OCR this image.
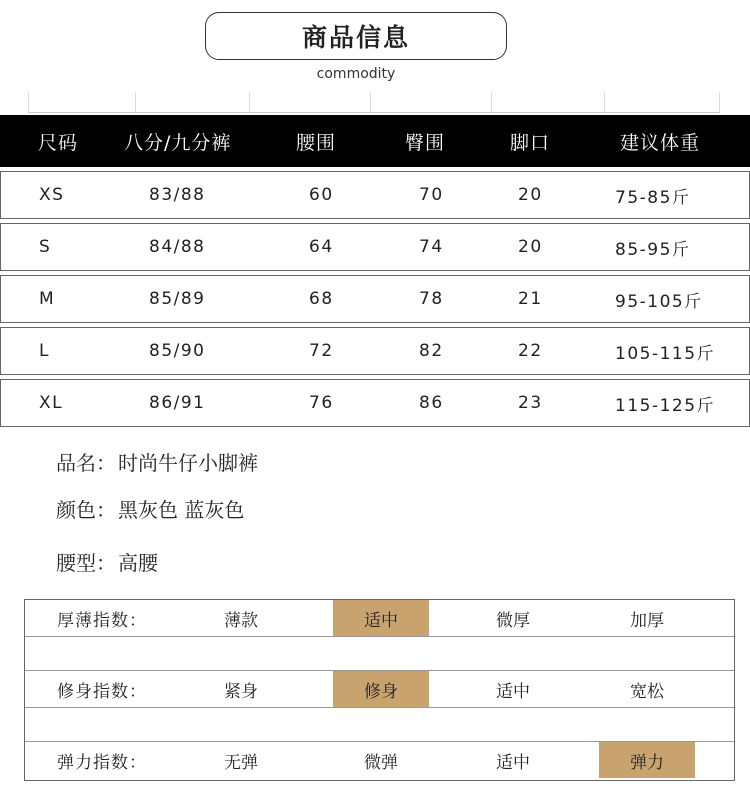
商品信息
commodity
尺码 八分/九分裤	腰围	臀围	脚口	建议体重
XS	83/88	60	70	20	75-85斤
S	84/88	64	74	20	85-95斤
M	85/89	68	78	21	95-105斤
L	85/90	72	82	22	105-115斤
XL	86/91	76	86	23	115-125斤
品名： 时尚牛仔小脚裤
颜色： 黑灰色 蓝灰色
腰型： 高腰
厚薄指数：	薄款	适中	微厚	加厚
修身指数：	紧身	修身	适中	宽松
弹力指数：	无弹	微弹	适中	弹力
